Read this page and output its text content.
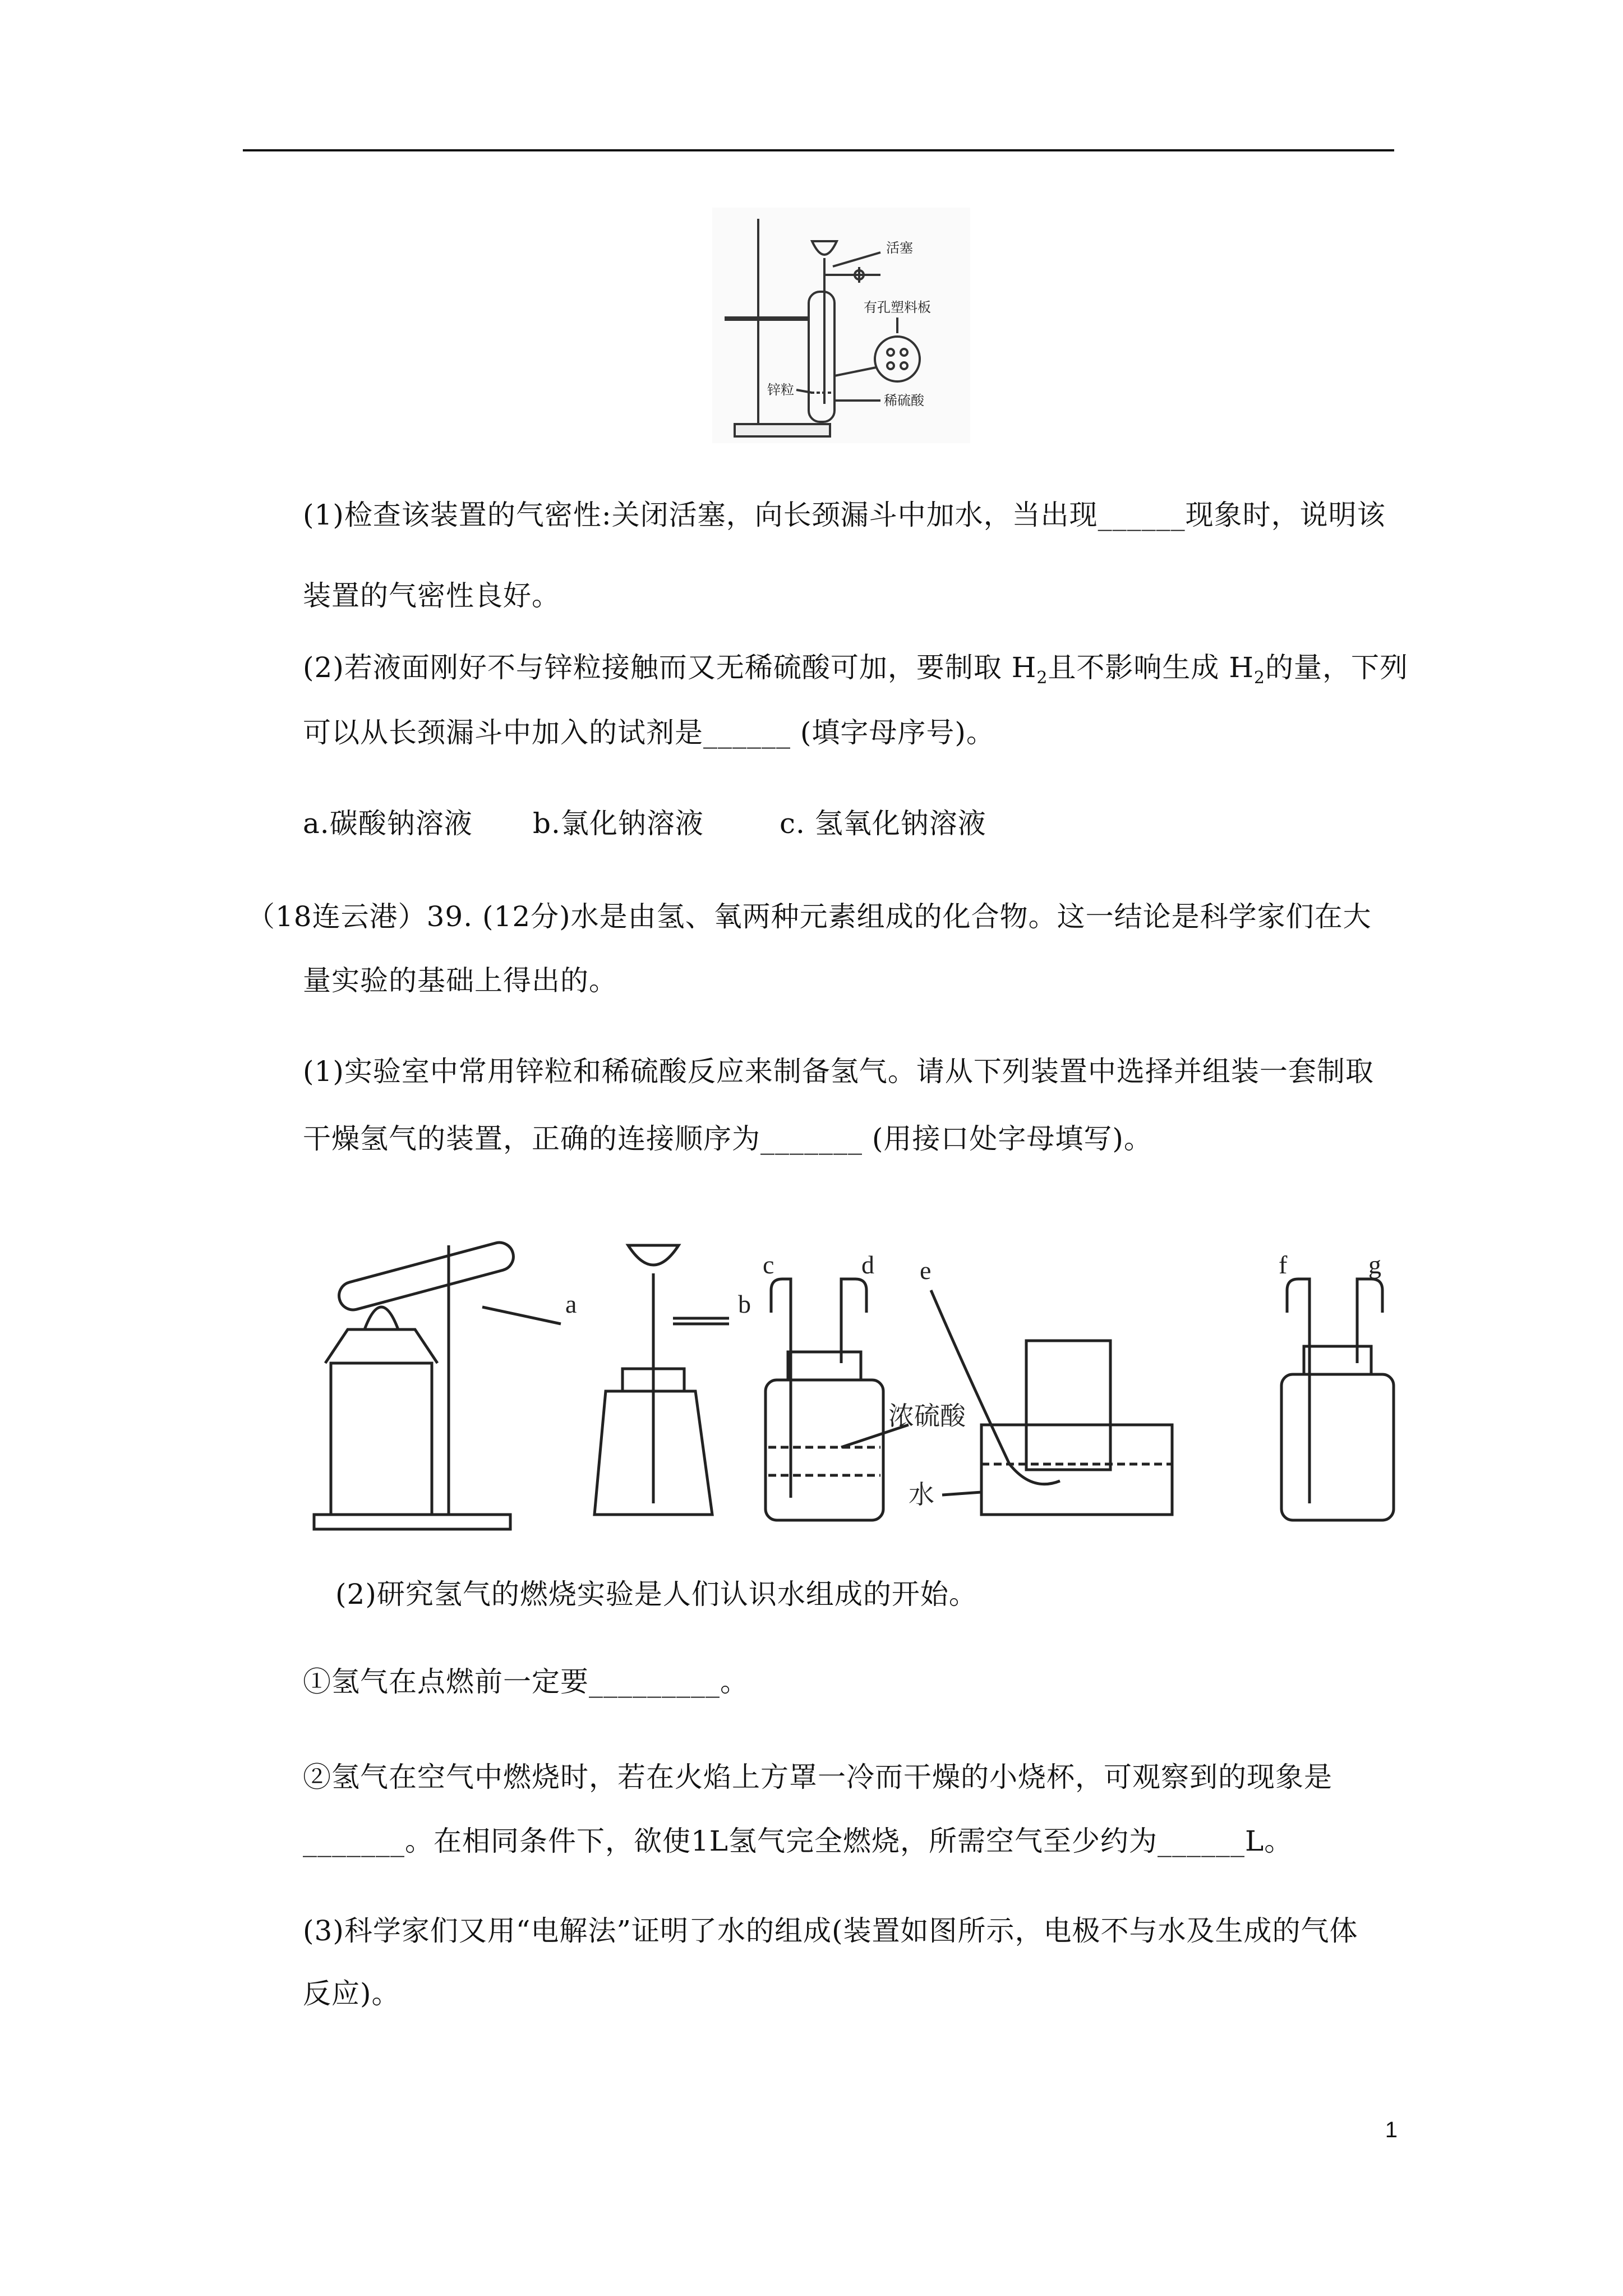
活塞
有孔塑料板
锌粒
稀硫酸
(1)检查该装置的气密性:关闭活塞，向长颈漏斗中加水，当出现______现象时，说明该
装置的气密性良好。
(2)若液面刚好不与锌粒接触而又无稀硫酸可加，要制取 $H_2$且不影响生成 $H_2$的量，下列
可以从长颈漏斗中加入的试剂是______ (填字母序号)。
a.碳酸钠溶液 b.氯化钠溶液	c. 氢氧化钠溶液
（18连云港）39. (12分)水是由氢、氧两种元素组成的化合物。这一结论是科学家们在大
量实验的基础上得出的。
(1)实验室中常用锌粒和稀硫酸反应来制备氢气。请从下列装置中选择并组装一套制取
干燥氢气的装置，正确的连接顺序为_______ (用接口处字母填写)。
a	b
c	d e	f	g
浓硫酸
水
(2)研究氢气的燃烧实验是人们认识水组成的开始。
①氢气在点燃前一定要_________。
②氢气在空气中燃烧时，若在火焰上方罩一冷而干燥的小烧杯，可观察到的现象是
_______。在相同条件下，欲使1L氢气完全燃烧，所需空气至少约为______L。
(3)科学家们又用“电解法”证明了水的组成(装置如图所示，电极不与水及生成的气体
反应)。
1
